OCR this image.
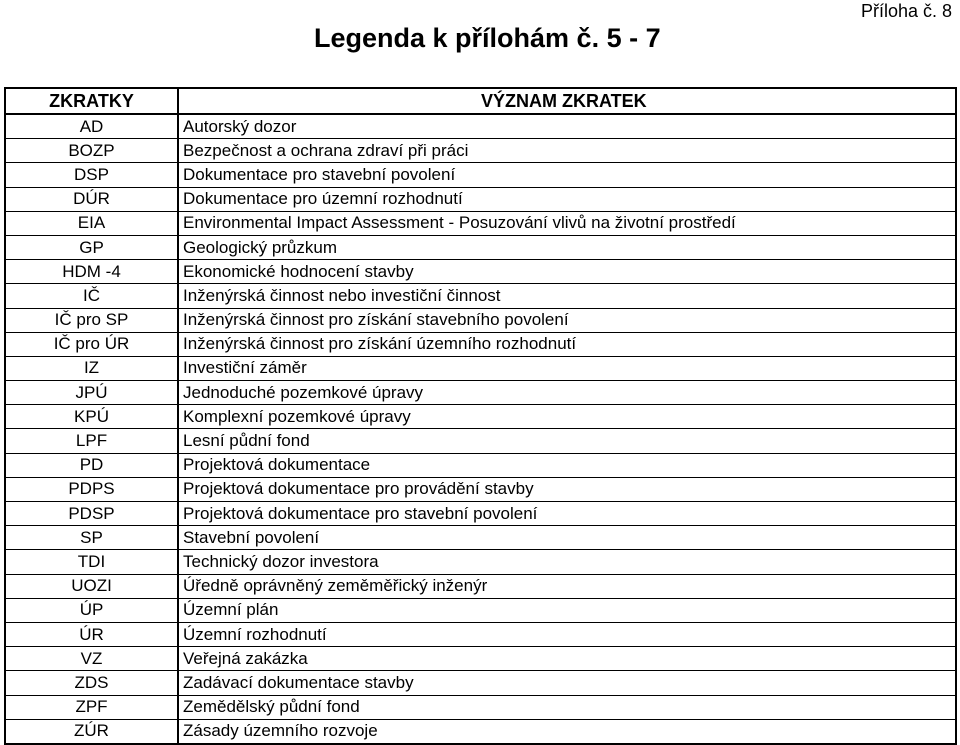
Příloha č. 8
Legenda k přílohám č. 5 - 7
ZKRATKY	VÝZNAM ZKRATEK
AD	Autorský dozor
BOZP	Bezpečnost a ochrana zdraví při práci
DSP	Dokumentace pro stavební povolení
DÚR	Dokumentace pro územní rozhodnutí
EIA	Environmental Impact Assessment - Posuzování vlivů na životní prostředí
GP	Geologický průzkum
HDM -4	Ekonomické hodnocení stavby
IČ	Inženýrská činnost nebo investiční činnost
IČ pro SP	Inženýrská činnost pro získání stavebního povolení
IČ pro ÚR	Inženýrská činnost pro získání územního rozhodnutí
IZ	Investiční záměr
JPÚ	Jednoduché pozemkové úpravy
KPÚ	Komplexní pozemkové úpravy
LPF	Lesní půdní fond
PD	Projektová dokumentace
PDPS	Projektová dokumentace pro provádění stavby
PDSP	Projektová dokumentace pro stavební povolení
SP	Stavební povolení
TDI	Technický dozor investora
UOZI	Úředně oprávněný zeměměřický inženýr
ÚP	Územní plán
ÚR	Územní rozhodnutí
VZ	Veřejná zakázka
ZDS	Zadávací dokumentace stavby
ZPF	Zemědělský půdní fond
ZÚR	Zásady územního rozvoje
